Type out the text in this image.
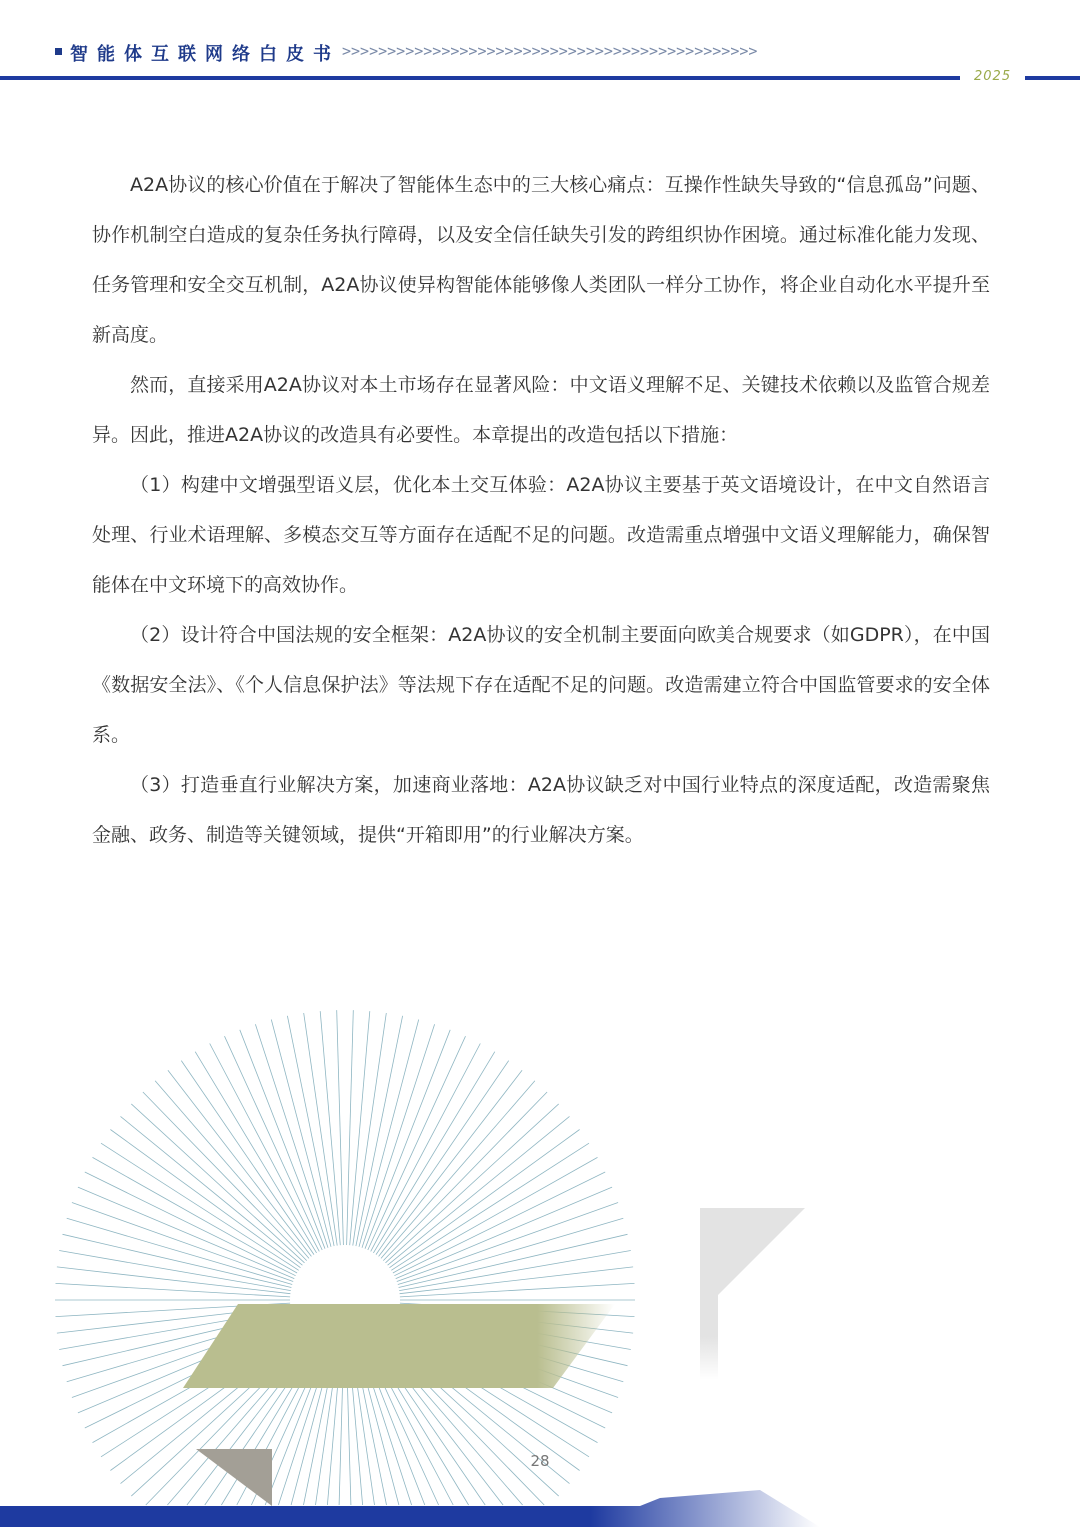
智能体互联网络白皮书 >>>>>>>>>>>>>>>>>>>>>>>>>>>>>>>>>>>>>>>>>>>>>>
2025

A2A协议的核心价值在于解决了智能体生态中的三大核心痛点：互操作性缺失导致的“信息孤岛”问题、协作机制空白造成的复杂任务执行障碍，以及安全信任缺失引发的跨组织协作困境。通过标准化能力发现、任务管理和安全交互机制，A2A协议使异构智能体能够像人类团队一样分工协作，将企业自动化水平提升至新高度。

然而，直接采用A2A协议对本土市场存在显著风险：中文语义理解不足、关键技术依赖以及监管合规差异。因此，推进A2A协议的改造具有必要性。本章提出的改造包括以下措施：

（1）构建中文增强型语义层，优化本土交互体验：A2A协议主要基于英文语境设计，在中文自然语言处理、行业术语理解、多模态交互等方面存在适配不足的问题。改造需重点增强中文语义理解能力，确保智能体在中文环境下的高效协作。

（2）设计符合中国法规的安全框架：A2A协议的安全机制主要面向欧美合规要求（如GDPR），在中国《数据安全法》、《个人信息保护法》等法规下存在适配不足的问题。改造需建立符合中国监管要求的安全体系。

（3）打造垂直行业解决方案，加速商业落地：A2A协议缺乏对中国行业特点的深度适配，改造需聚焦金融、政务、制造等关键领域，提供“开箱即用”的行业解决方案。

28
